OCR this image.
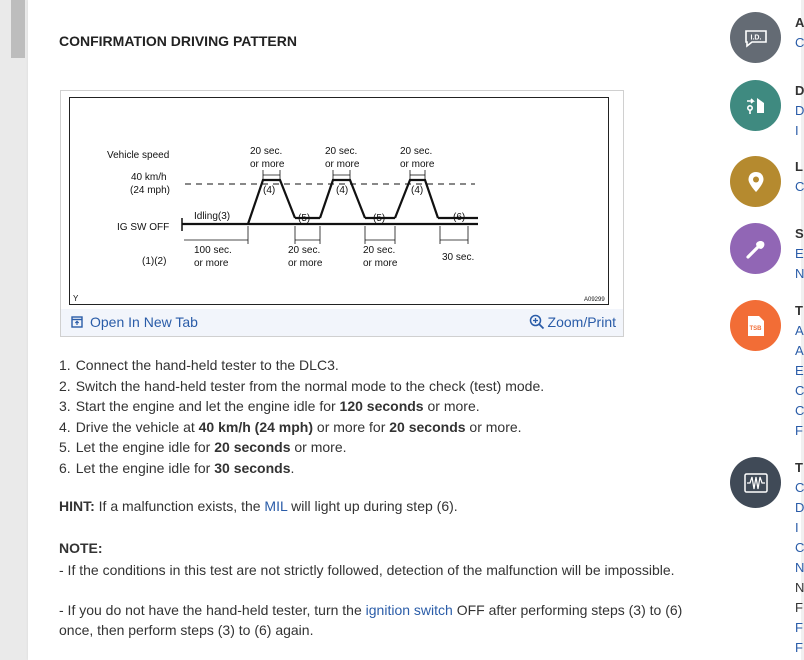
CONFIRMATION DRIVING PATTERN
Vehicle speed
40 km/h
(24 mph)
IG SW OFF
Idling(3)
(1)(2)
20 sec.
or more
20 sec.
or more
20 sec.
or more
(4)	(4)	(4)
(5)	(5)	(6)
100 sec.
or more
20 sec.
or more
20 sec.
or more
30 sec.
Y	A09299
Open In New Tab	Zoom/Print
1. Connect the hand-held tester to the DLC3.
2. Switch the hand-held tester from the normal mode to the check (test) mode.
3. Start the engine and let the engine idle for 120 seconds or more.
4. Drive the vehicle at 40 km/h (24 mph) or more for 20 seconds or more.
5. Let the engine idle for 20 seconds or more.
6. Let the engine idle for 30 seconds.

HINT: If a malfunction exists, the MIL will light up during step (6).

NOTE:

- If the conditions in this test are not strictly followed, detection of the malfunction will be impossible.

- If you do not have the hand-held tester, turn the ignition switch OFF after performing steps (3) to (6) once, then perform steps (3) to (6) again.

I.D.
A
C
D
D
I
L
C
S
E
N
TSB
T
A
A
E
C
C
F
T
C
D
I
C
N
N
F
F
F
